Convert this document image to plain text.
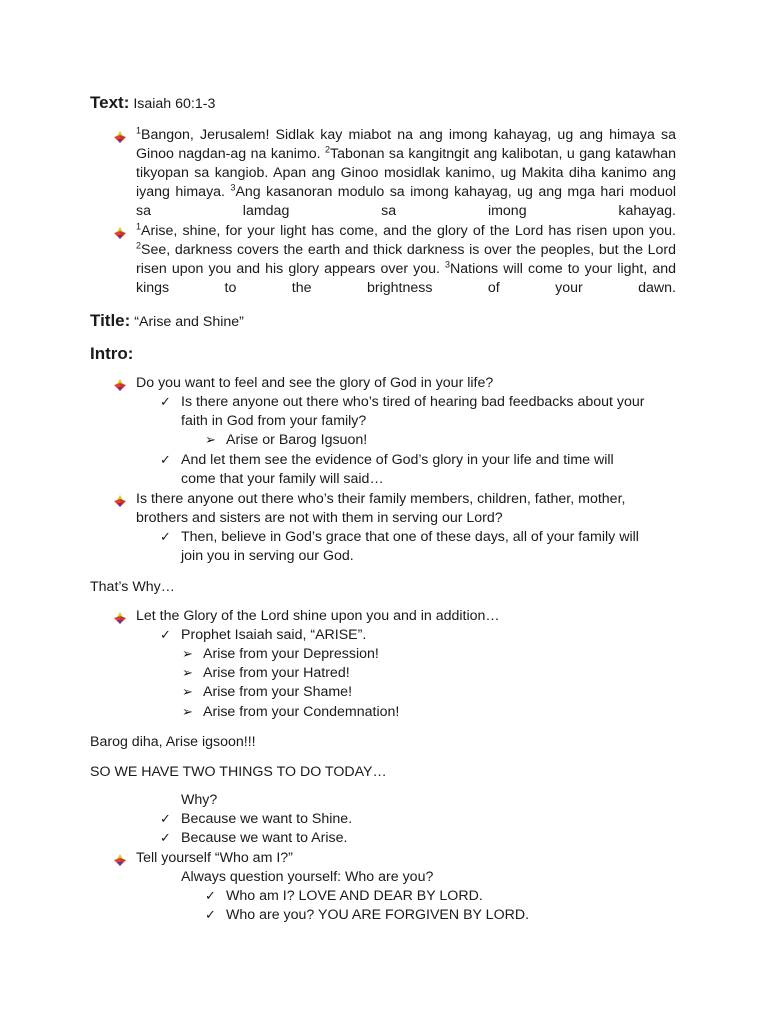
Text: Isaiah 60:1-3
$^1$Bangon, Jerusalem! Sidlak kay miabot na ang imong kahayag, ug ang himaya sa Ginoo nagdan-ag na kanimo. $^2$Tabonan sa kangitngit ang kalibotan, u gang katawhan tikyopan sa kangiob. Apan ang Ginoo mosidlak kanimo, ug Makita diha kanimo ang iyang himaya. $^3$Ang kasanoran modulo sa imong kahayag, ug ang mga hari moduol sa lamdag sa imong kahayag.
$^1$Arise, shine, for your light has come, and the glory of the Lord has risen upon you. $^2$See, darkness covers the earth and thick darkness is over the peoples, but the Lord risen upon you and his glory appears over you. $^3$Nations will come to your light, and kings to the brightness of your dawn.
Title: “Arise and Shine”
Intro:
Do you want to feel and see the glory of God in your life?
✓ Is there anyone out there who’s tired of hearing bad feedbacks about your
faith in God from your family?
➢ Arise or Barog Igsuon!
✓ And let them see the evidence of God’s glory in your life and time will
come that your family will said…
Is there anyone out there who’s their family members, children, father, mother,
brothers and sisters are not with them in serving our Lord?
✓ Then, believe in God’s grace that one of these days, all of your family will
join you in serving our God.
That’s Why…
Let the Glory of the Lord shine upon you and in addition…
✓ Prophet Isaiah said, “ARISE”.
➢ Arise from your Depression!
➢ Arise from your Hatred!
➢ Arise from your Shame!
➢ Arise from your Condemnation!
Barog diha, Arise igsoon!!!
SO WE HAVE TWO THINGS TO DO TODAY…
Why?
✓ Because we want to Shine.
✓ Because we want to Arise.
Tell yourself “Who am I?”
Always question yourself: Who are you?
✓ Who am I? LOVE AND DEAR BY LORD.
✓ Who are you? YOU ARE FORGIVEN BY LORD.
